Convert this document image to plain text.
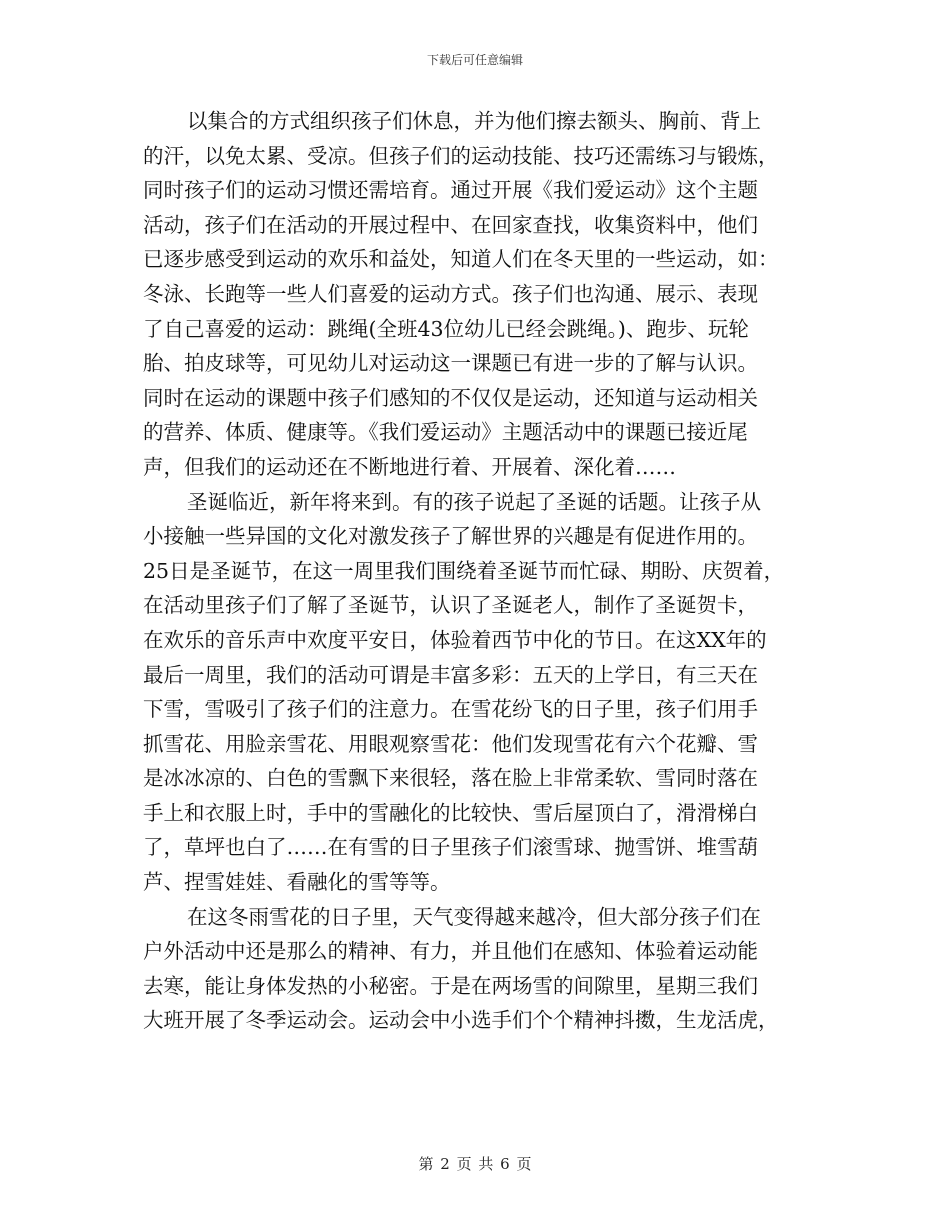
下载后可任意编辑
以集合的方式组织孩子们休息，并为他们擦去额头、胸前、背上
的汗，以免太累、受凉。但孩子们的运动技能、技巧还需练习与锻炼，
同时孩子们的运动习惯还需培育。通过开展《我们爱运动》这个主题
活动，孩子们在活动的开展过程中、在回家查找，收集资料中，他们
已逐步感受到运动的欢乐和益处，知道人们在冬天里的一些运动，如：
冬泳、长跑等一些人们喜爱的运动方式。孩子们也沟通、展示、表现
了自己喜爱的运动：跳绳(全班43位幼儿已经会跳绳。)、跑步、玩轮
胎、拍皮球等，可见幼儿对运动这一课题已有进一步的了解与认识。
同时在运动的课题中孩子们感知的不仅仅是运动，还知道与运动相关
的营养、体质、健康等。《我们爱运动》主题活动中的课题已接近尾
声，但我们的运动还在不断地进行着、开展着、深化着……
圣诞临近，新年将来到。有的孩子说起了圣诞的话题。让孩子从
小接触一些异国的文化对激发孩子了解世界的兴趣是有促进作用的。
25日是圣诞节，在这一周里我们围绕着圣诞节而忙碌、期盼、庆贺着，
在活动里孩子们了解了圣诞节，认识了圣诞老人，制作了圣诞贺卡，
在欢乐的音乐声中欢度平安日，体验着西节中化的节日。在这XX年的
最后一周里，我们的活动可谓是丰富多彩：五天的上学日，有三天在
下雪，雪吸引了孩子们的注意力。在雪花纷飞的日子里，孩子们用手
抓雪花、用脸亲雪花、用眼观察雪花：他们发现雪花有六个花瓣、雪
是冰冰凉的、白色的雪飘下来很轻，落在脸上非常柔软、雪同时落在
手上和衣服上时，手中的雪融化的比较快、雪后屋顶白了，滑滑梯白
了，草坪也白了……在有雪的日子里孩子们滚雪球、抛雪饼、堆雪葫
芦、捏雪娃娃、看融化的雪等等。
在这冬雨雪花的日子里，天气变得越来越冷，但大部分孩子们在
户外活动中还是那么的精神、有力，并且他们在感知、体验着运动能
去寒，能让身体发热的小秘密。于是在两场雪的间隙里，星期三我们
大班开展了冬季运动会。运动会中小选手们个个精神抖擞，生龙活虎，
第 2 页 共 6 页
